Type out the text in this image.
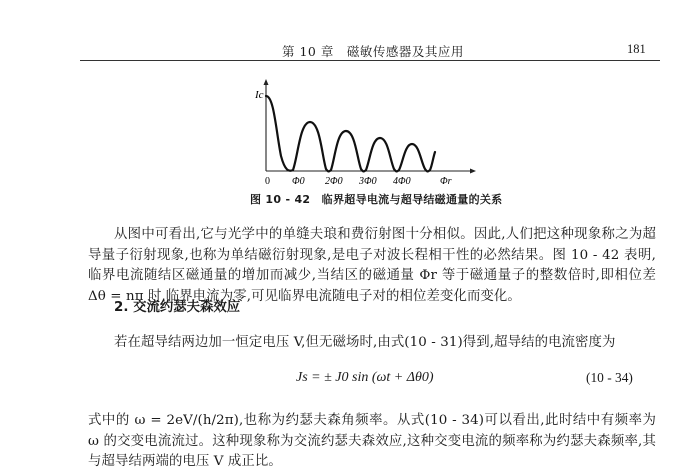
第 10 章　磁敏传感器及其应用	181
Ic
0 Φ0 2Φ0 3Φ0 4Φ0	Φr
图 10 - 42　临界超导电流与超导结磁通量的关系

从图中可看出,它与光学中的单缝夫琅和费衍射图十分相似。因此,人们把这种现象称之为超导量子衍射现象,也称为单结磁衍射现象,是电子对波长程相干性的必然结果。图 10 - 42 表明,临界电流随结区磁通量的增加而减少,当结区的磁通量 Φr 等于磁通量子的整数倍时,即相位差 Δθ = nπ 时,临界电流为零,可见临界电流随电子对的相位差变化而变化。

2. 交流约瑟夫森效应

若在超导结两边加一恒定电压 V,但无磁场时,由式(10 - 31)得到,超导结的电流密度为

Js = ± J0 sin (ωt + Δθ0)	(10 - 34)

式中的 ω = 2eV/(h/2π),也称为约瑟夫森角频率。从式(10 - 34)可以看出,此时结中有频率为 ω 的交变电流流过。这种现象称为交流约瑟夫森效应,这种交变电流的频率称为约瑟夫森频率,其与超导结两端的电压 V 成正比。
